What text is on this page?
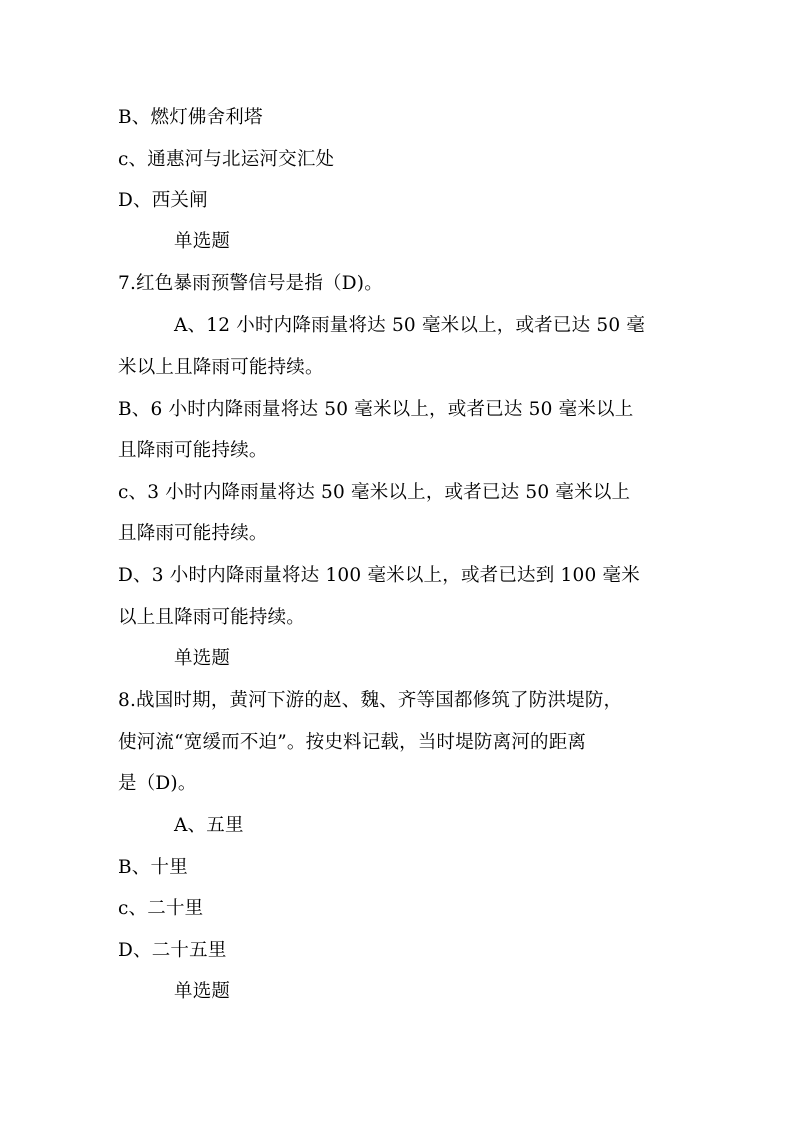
B、燃灯佛舍利塔
c、通惠河与北运河交汇处
D、西关闸
单选题
7.红色暴雨预警信号是指（D)。
A、12 小时内降雨量将达 50 毫米以上，或者已达 50 毫
米以上且降雨可能持续。
B、6 小时内降雨量将达 50 毫米以上，或者已达 50 毫米以上
且降雨可能持续。
c、3 小时内降雨量将达 50 毫米以上，或者已达 50 毫米以上
且降雨可能持续。
D、3 小时内降雨量将达 100 毫米以上，或者已达到 100 毫米
以上且降雨可能持续。
单选题
8.战国时期，黄河下游的赵、魏、齐等国都修筑了防洪堤防，
使河流“宽缓而不迫”。按史料记载，当时堤防离河的距离
是（D)。
A、五里
B、十里
c、二十里
D、二十五里
单选题
